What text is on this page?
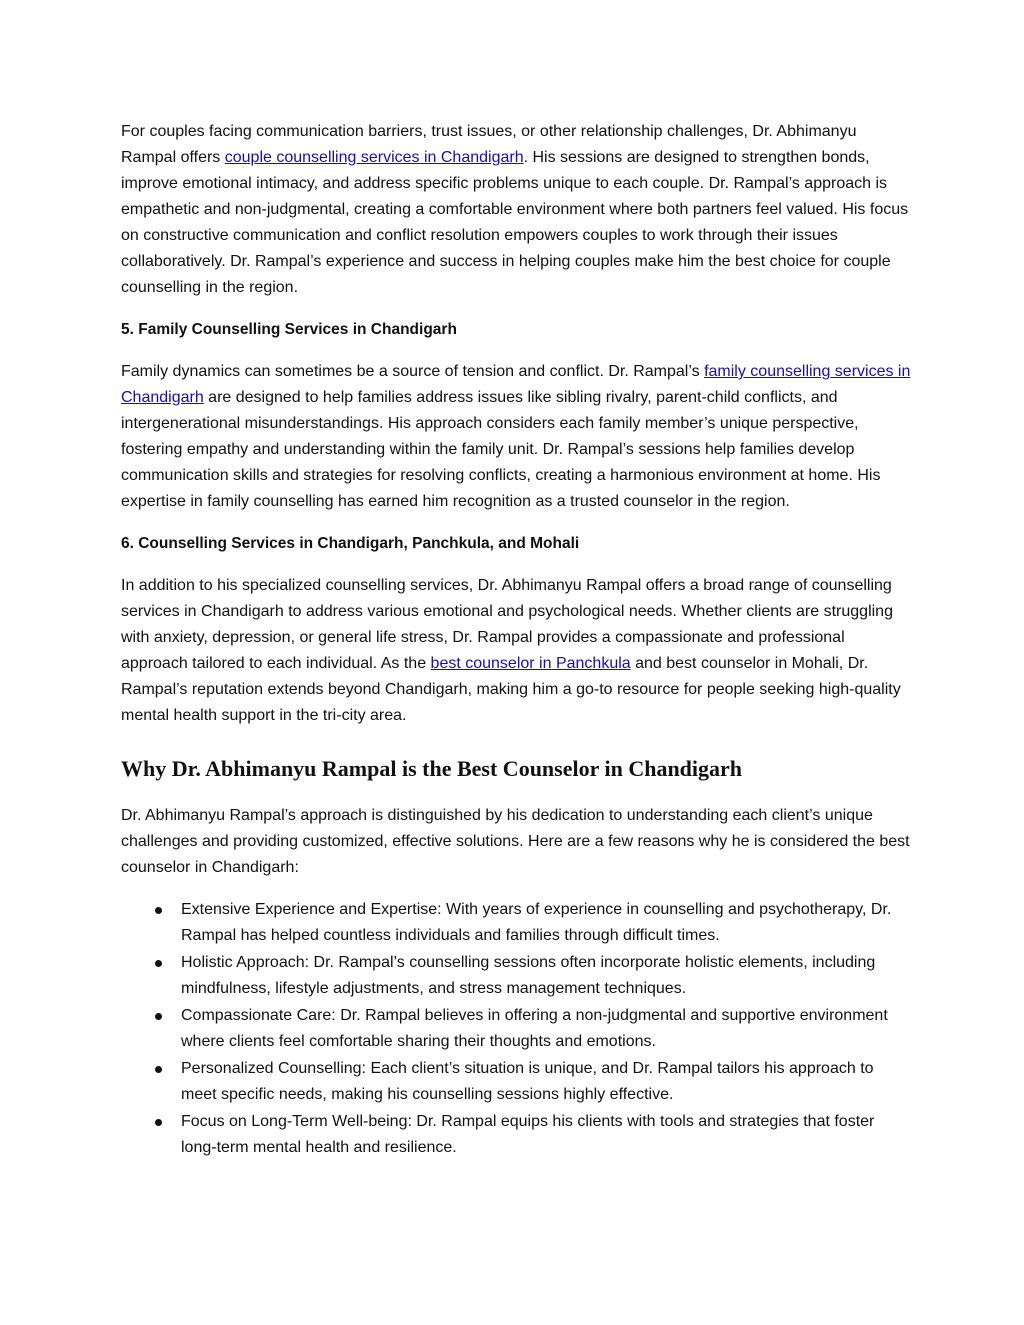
For couples facing communication barriers, trust issues, or other relationship challenges, Dr. Abhimanyu Rampal offers couple counselling services in Chandigarh. His sessions are designed to strengthen bonds, improve emotional intimacy, and address specific problems unique to each couple. Dr. Rampal’s approach is empathetic and non-judgmental, creating a comfortable environment where both partners feel valued. His focus on constructive communication and conflict resolution empowers couples to work through their issues collaboratively. Dr. Rampal’s experience and success in helping couples make him the best choice for couple counselling in the region.

5. Family Counselling Services in Chandigarh

Family dynamics can sometimes be a source of tension and conflict. Dr. Rampal’s family counselling services in Chandigarh are designed to help families address issues like sibling rivalry, parent-child conflicts, and intergenerational misunderstandings. His approach considers each family member’s unique perspective, fostering empathy and understanding within the family unit. Dr. Rampal’s sessions help families develop communication skills and strategies for resolving conflicts, creating a harmonious environment at home. His expertise in family counselling has earned him recognition as a trusted counselor in the region.

6. Counselling Services in Chandigarh, Panchkula, and Mohali

In addition to his specialized counselling services, Dr. Abhimanyu Rampal offers a broad range of counselling services in Chandigarh to address various emotional and psychological needs. Whether clients are struggling with anxiety, depression, or general life stress, Dr. Rampal provides a compassionate and professional approach tailored to each individual. As the best counselor in Panchkula and best counselor in Mohali, Dr. Rampal’s reputation extends beyond Chandigarh, making him a go-to resource for people seeking high-quality mental health support in the tri-city area.

Why Dr. Abhimanyu Rampal is the Best Counselor in Chandigarh

Dr. Abhimanyu Rampal’s approach is distinguished by his dedication to understanding each client’s unique challenges and providing customized, effective solutions. Here are a few reasons why he is considered the best counselor in Chandigarh:

Extensive Experience and Expertise: With years of experience in counselling and psychotherapy, Dr. Rampal has helped countless individuals and families through difficult times.
Holistic Approach: Dr. Rampal’s counselling sessions often incorporate holistic elements, including mindfulness, lifestyle adjustments, and stress management techniques.
Compassionate Care: Dr. Rampal believes in offering a non-judgmental and supportive environment where clients feel comfortable sharing their thoughts and emotions.
Personalized Counselling: Each client’s situation is unique, and Dr. Rampal tailors his approach to meet specific needs, making his counselling sessions highly effective.
Focus on Long-Term Well-being: Dr. Rampal equips his clients with tools and strategies that foster long-term mental health and resilience.
